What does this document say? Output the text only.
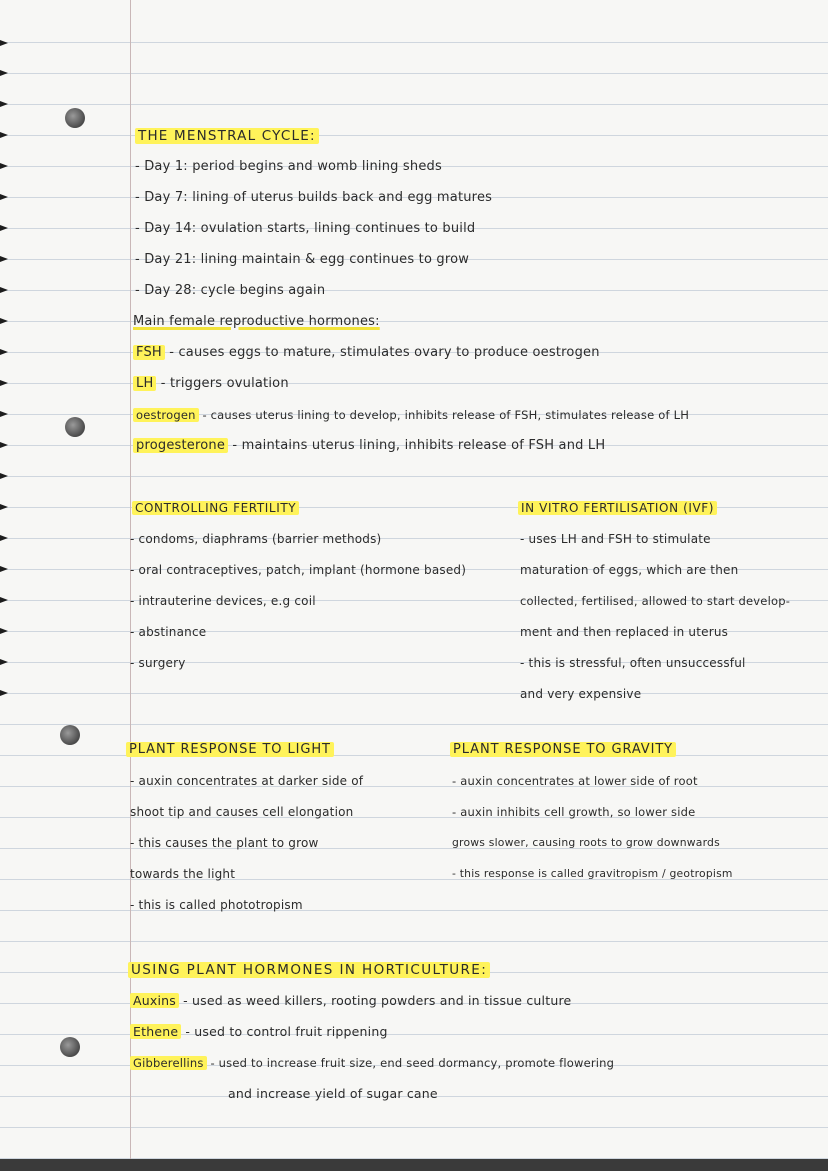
THE MENSTRAL CYCLE:
- Day 1: period begins and womb lining sheds
- Day 7: lining of uterus builds back and egg matures
- Day 14: ovulation starts, lining continues to build
- Day 21: lining maintain & egg continues to grow
- Day 28: cycle begins again
Main female reproductive hormones:
FSH - causes eggs to mature, stimulates ovary to produce oestrogen
LH - triggers ovulation
oestrogen - causes uterus lining to develop, inhibits release of FSH, stimulates release of LH
progesterone - maintains uterus lining, inhibits release of FSH and LH
CONTROLLING FERTILITY
- condoms, diaphrams (barrier methods)
- oral contraceptives, patch, implant (hormone based)
- intrauterine devices, e.g coil
- abstinance
- surgery
IN VITRO FERTILISATION (IVF)
- uses LH and FSH to stimulate
maturation of eggs, which are then
collected, fertilised, allowed to start develop-
ment and then replaced in uterus
- this is stressful, often unsuccessful
and very expensive
PLANT RESPONSE TO LIGHT
- auxin concentrates at darker side of
shoot tip and causes cell elongation
- this causes the plant to grow
towards the light
- this is called phototropism
PLANT RESPONSE TO GRAVITY
- auxin concentrates at lower side of root
- auxin inhibits cell growth, so lower side
grows slower, causing roots to grow downwards
- this response is called gravitropism / geotropism
USING PLANT HORMONES IN HORTICULTURE:
Auxins - used as weed killers, rooting powders and in tissue culture
Ethene - used to control fruit rippening
Gibberellins - used to increase fruit size, end seed dormancy, promote flowering
and increase yield of sugar cane
